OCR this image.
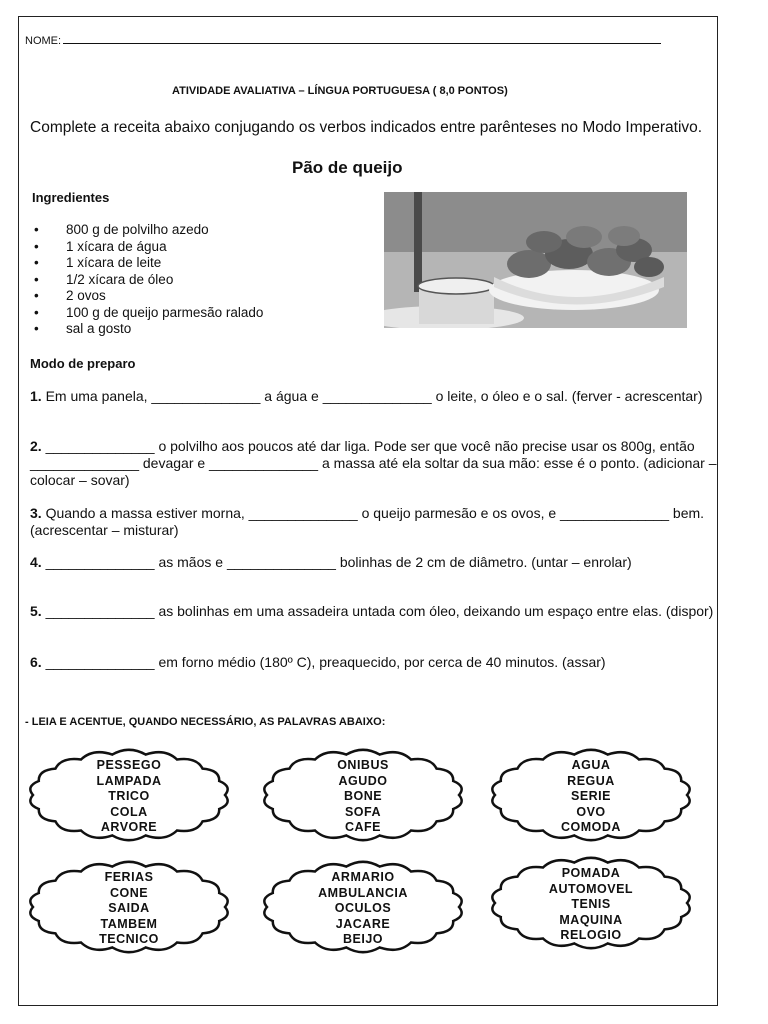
NOME:
ATIVIDADE AVALIATIVA – LÍNGUA PORTUGUESA ( 8,0 PONTOS)
Complete a receita abaixo conjugando os verbos indicados entre parênteses no Modo Imperativo.
Pão de queijo
Ingredientes
• 800 g de polvilho azedo
• 1 xícara de água
• 1 xícara de leite
• 1/2 xícara de óleo
• 2 ovos
• 100 g de queijo parmesão ralado
• sal a gosto
Modo de preparo
1. Em uma panela, ______________ a água e ______________ o leite, o óleo e o sal. (ferver - acrescentar)
2. ______________ o polvilho aos poucos até dar liga. Pode ser que você não precise usar os 800g, então ______________ devagar e ______________ a massa até ela soltar da sua mão: esse é o ponto. (adicionar – colocar – sovar)
3. Quando a massa estiver morna, ______________ o queijo parmesão e os ovos, e ______________ bem. (acrescentar – misturar)
4. ______________ as mãos e ______________ bolinhas de 2 cm de diâmetro. (untar – enrolar)
5. ______________ as bolinhas em uma assadeira untada com óleo, deixando um espaço entre elas. (dispor)
6. ______________ em forno médio (180º C), preaquecido, por cerca de 40 minutos. (assar)
- LEIA E ACENTUE, QUANDO NECESSÁRIO, AS PALAVRAS ABAIXO:
PESSEGO
LAMPADA
TRICO
COLA
ARVORE
ONIBUS
AGUDO
BONE
SOFA
CAFE
AGUA
REGUA
SERIE
OVO
COMODA
FERIAS
CONE
SAIDA
TAMBEM
TECNICO
ARMARIO
AMBULANCIA
OCULOS
JACARE
BEIJO
POMADA
AUTOMOVEL
TENIS
MAQUINA
RELOGIO
